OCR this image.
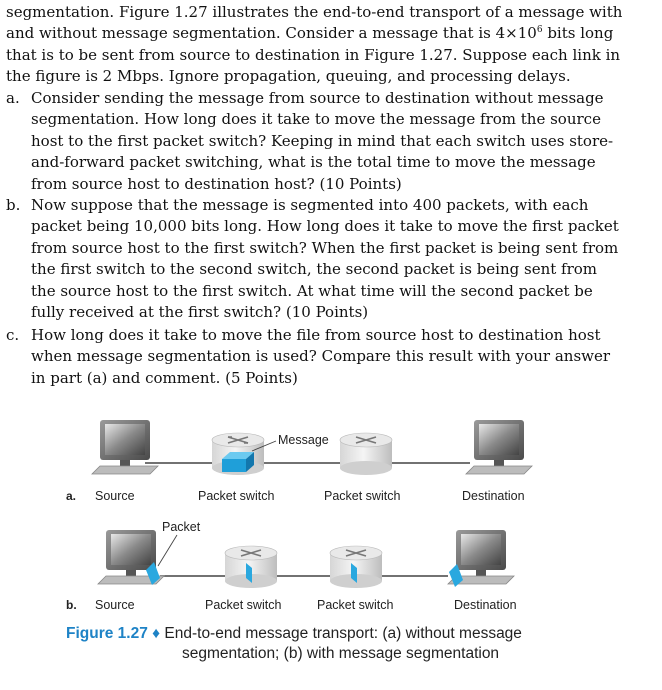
segmentation. Figure 1.27 illustrates the end-to-end transport of a message with and without message segmentation. Consider a message that is $4\times 10^6$ bits long that is to be sent from source to destination in Figure 1.27. Suppose each link in the figure is 2 Mbps. Ignore propagation, queuing, and processing delays.

a. Consider sending the message from source to destination without message segmentation. How long does it take to move the message from the source host to the first packet switch? Keeping in mind that each switch uses store-and-forward packet switching, what is the total time to move the message from source host to destination host? (10 Points)
b. Now suppose that the message is segmented into 400 packets, with each packet being 10,000 bits long. How long does it take to move the first packet from source host to the first switch? When the first packet is being sent from the first switch to the second switch, the second packet is being sent from the source host to the first switch. At what time will the second packet be fully received at the first switch? (10 Points)
c. How long does it take to move the file from source host to destination host when message segmentation is used? Compare this result with your answer in part (a) and comment. (5 Points)
Message
a. Source	Packet switch	Packet switch	Destination
Packet
b. Source	Packet switch	Packet switch	Destination
Figure 1.27 ♦ End-to-end message transport: (a) without message
segmentation; (b) with message segmentation
